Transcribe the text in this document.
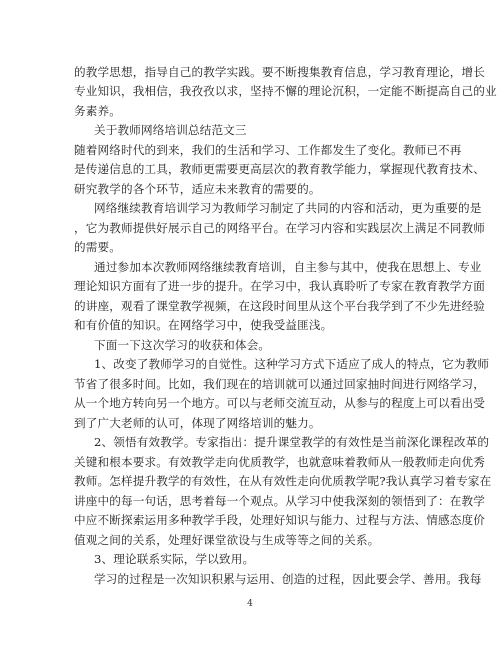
的教学思想，指导自己的教学实践。要不断搜集教育信息，学习教育理论，增长
专业知识，我相信，我孜孜以求，坚持不懈的理论沉积，一定能不断提高自己的业
务素养。
关于教师网络培训总结范文三
随着网络时代的到来，我们的生活和学习、工作都发生了变化。教师已不再
是传递信息的工具，教师更需要更高层次的教育教学能力，掌握现代教育技术、
研究教学的各个环节，适应未来教育的需要的。
网络继续教育培训学习为教师学习制定了共同的内容和活动，更为重要的是
，它为教师提供好展示自己的网络平台。在学习内容和实践层次上满足不同教师
的需要。
通过参加本次教师网络继续教育培训，自主参与其中，使我在思想上、专业
理论知识方面有了进一步的提升。在学习中，我认真聆听了专家在教育教学方面
的讲座，观看了课堂教学视频，在这段时间里从这个平台我学到了不少先进经验
和有价值的知识。在网络学习中，使我受益匪浅。
下面一下这次学习的收获和体会。
1、改变了教师学习的自觉性。这种学习方式下适应了成人的特点，它为教师
节省了很多时间。比如，我们现在的培训就可以通过回家抽时间进行网络学习，
从一个地方转向另一个地方。可以与老师交流互动，从参与的程度上可以看出受
到了广大老师的认可，体现了网络培训的魅力。
2、领悟有效教学。专家指出：提升课堂教学的有效性是当前深化课程改革的
关键和根本要求。有效教学走向优质教学，也就意味着教师从一般教师走向优秀
教师。怎样提升教学的有效性，在从有效性走向优质教学呢?我认真学习着专家在
讲座中的每一句话，思考着每一个观点。从学习中使我深刻的领悟到了：在教学
中应不断探索运用多种教学手段，处理好知识与能力、过程与方法、情感态度价
值观之间的关系，处理好课堂欲设与生成等等之间的关系。
3、理论联系实际，学以致用。
学习的过程是一次知识积累与运用、创造的过程，因此要会学、善用。我每
4
